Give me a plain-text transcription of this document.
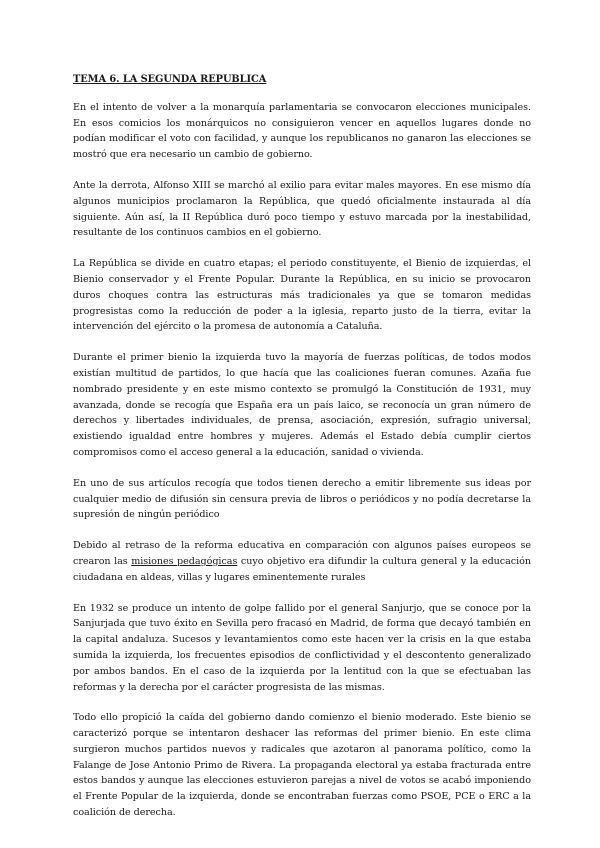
TEMA 6. LA SEGUNDA REPUBLICA

En el intento de volver a la monarquía parlamentaria se convocaron elecciones municipales. En esos comicios los monárquicos no consiguieron vencer en aquellos lugares donde no podían modificar el voto con facilidad, y aunque los republicanos no ganaron las elecciones se mostró que era necesario un cambio de gobierno.

Ante la derrota, Alfonso XIII se marchó al exilio para evitar males mayores. En ese mismo día algunos municipios proclamaron la República, que quedó oficialmente instaurada al día siguiente. Aún así, la II República duró poco tiempo y estuvo marcada por la inestabilidad, resultante de los continuos cambios en el gobierno.

La República se divide en cuatro etapas; el periodo constituyente, el Bienio de izquierdas, el Bienio conservador y el Frente Popular. Durante la República, en su inicio se provocaron duros choques contra las estructuras más tradicionales ya que se tomaron medidas progresistas como la reducción de poder a la iglesia, reparto justo de la tierra, evitar la intervención del ejército o la promesa de autonomía a Cataluña.

Durante el primer bienio la izquierda tuvo la mayoría de fuerzas políticas, de todos modos existían multitud de partidos, lo que hacía que las coaliciones fueran comunes. Azaña fue nombrado presidente y en este mismo contexto se promulgó la Constitución de 1931, muy avanzada, donde se recogía que España era un país laico, se reconocía un gran número de derechos y libertades individuales, de prensa, asociación, expresión, sufragio universal, existiendo igualdad entre hombres y mujeres. Además el Estado debía cumplir ciertos compromisos como el acceso general a la educación, sanidad o vivienda.

En uno de sus artículos recogía que todos tienen derecho a emitir libremente sus ideas por cualquier medio de difusión sin censura previa de libros o periódicos y no podía decretarse la supresión de ningún periódico

Debido al retraso de la reforma educativa en comparación con algunos países europeos se crearon las misiones pedagógicas cuyo objetivo era difundir la cultura general y la educación ciudadana en aldeas, villas y lugares eminentemente rurales

En 1932 se produce un intento de golpe fallido por el general Sanjurjo, que se conoce por la Sanjurjada que tuvo éxito en Sevilla pero fracasó en Madrid, de forma que decayó también en la capital andaluza. Sucesos y levantamientos como este hacen ver la crisis en la que estaba sumida la izquierda, los frecuentes episodios de conflictividad y el descontento generalizado por ambos bandos. En el caso de la izquierda por la lentitud con la que se efectuaban las reformas y la derecha por el carácter progresista de las mismas.

Todo ello propició la caída del gobierno dando comienzo el bienio moderado. Este bienio se caracterizó porque se intentaron deshacer las reformas del primer bienio. En este clima surgieron muchos partidos nuevos y radicales que azotaron al panorama político, como la Falange de Jose Antonio Primo de Rivera. La propaganda electoral ya estaba fracturada entre estos bandos y aunque las elecciones estuvieron parejas a nivel de votos se acabó imponiendo el Frente Popular de la izquierda, donde se encontraban fuerzas como PSOE, PCE o ERC a la coalición de derecha.
